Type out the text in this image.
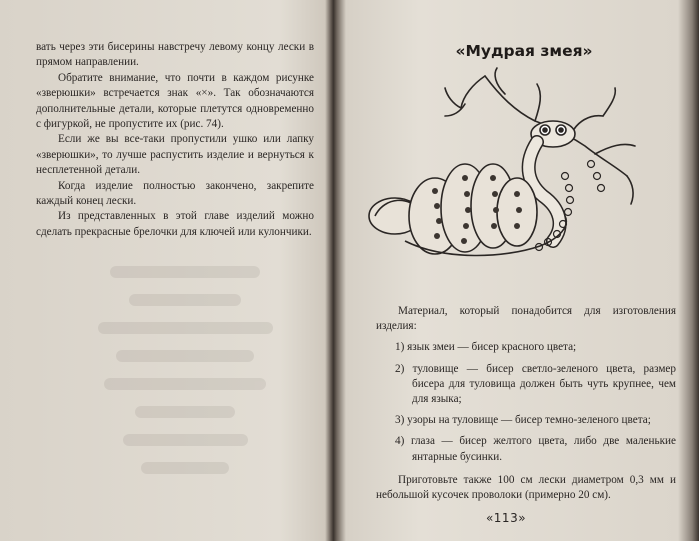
вать через эти бисерины навстречу левому концу лески в прямом направлении.

Обратите внимание, что почти в каждом рисунке «зверюшки» встречается знак «×». Так обозначаются дополнительные детали, которые плетутся одновременно с фигуркой, не пропустите их (рис. 74).

Если же вы все-таки пропустили ушко или лапку «зверюшки», то лучше распустить изделие и вернуться к несплетенной детали.

Когда изделие полностью закончено, закрепите каждый конец лески.

Из представленных в этой главе изделий можно сделать прекрасные брелочки для ключей или кулончики.

«Мудрая змея»

Материал, который понадобится для изготовления изделия:

1) язык змеи — бисер красного цвета;

2) туловище — бисер светло-зеленого цвета, размер бисера для туловища должен быть чуть крупнее, чем для языка;

3) узоры на туловище — бисер темно-зеленого цвета;

4) глаза — бисер желтого цвета, либо две маленькие янтарные бусинки.

Приготовьте также 100 см лески диаметром 0,3 мм и небольшой кусочек проволоки (примерно 20 см).

«113»
